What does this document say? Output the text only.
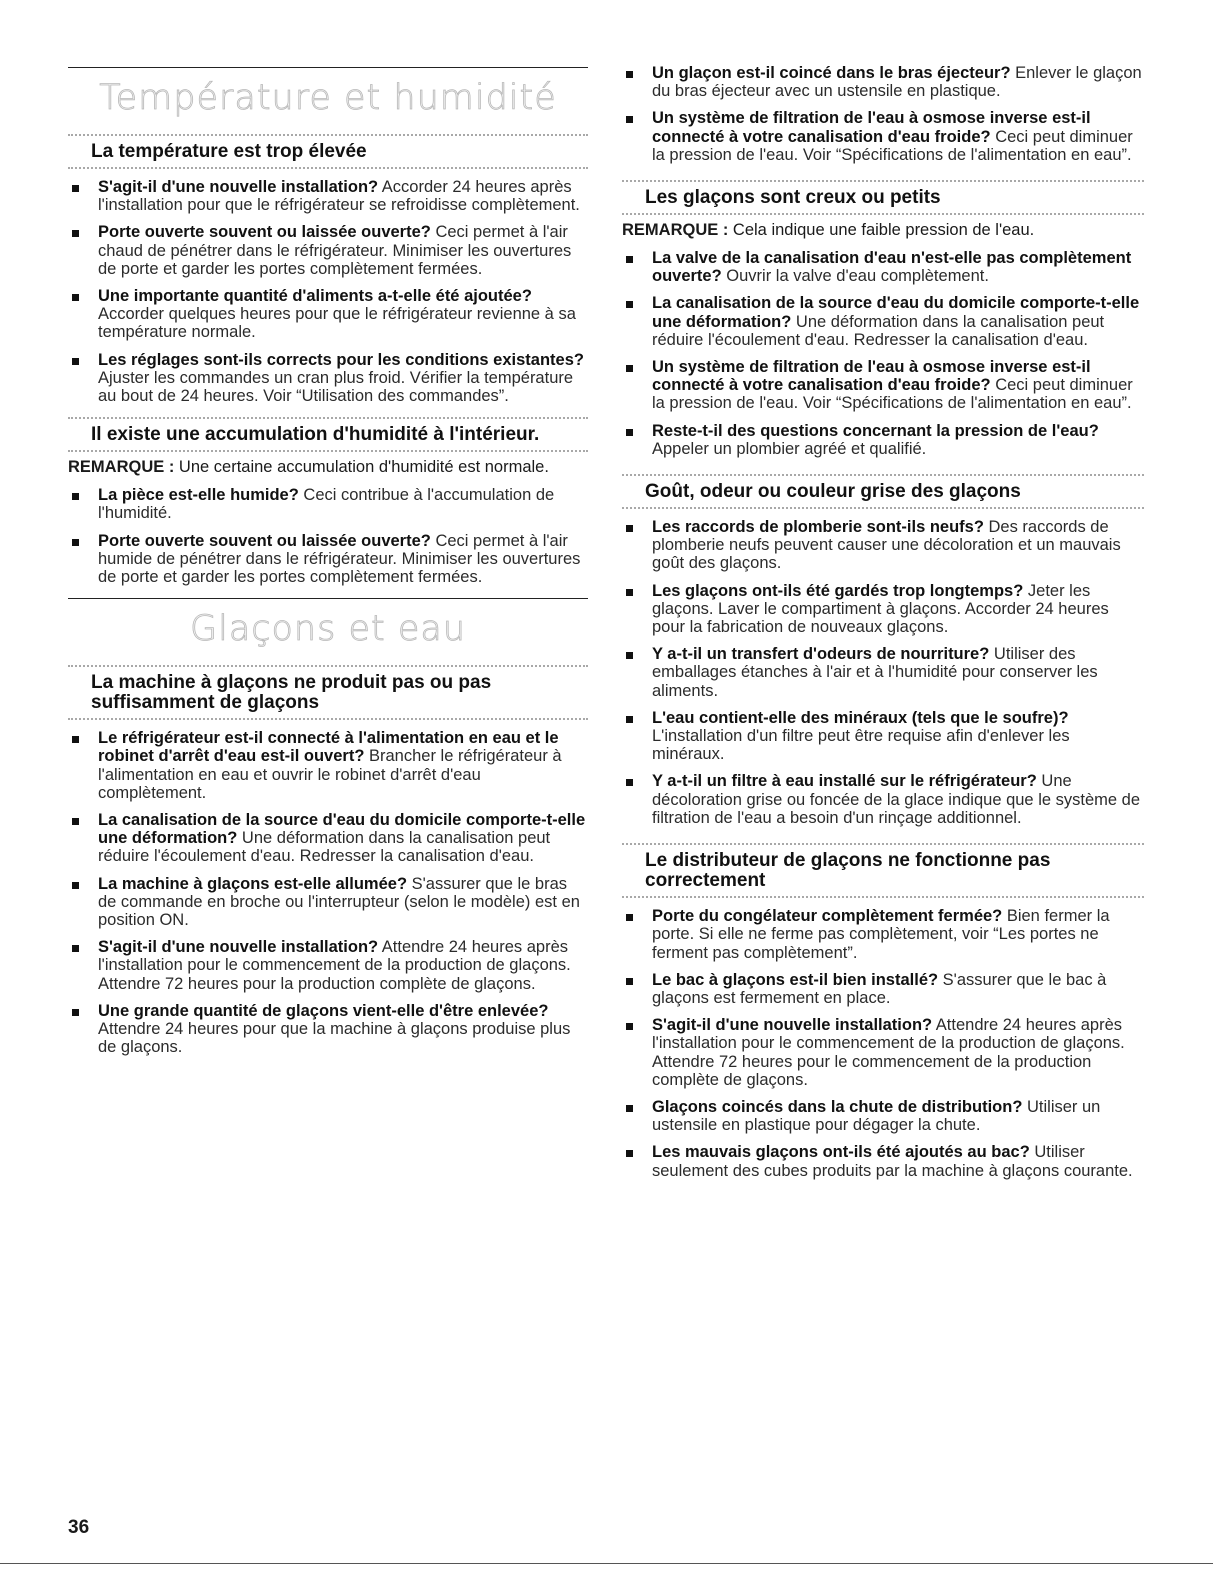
Température et humidité
La température est trop élevée
S'agit-il d'une nouvelle installation? Accorder 24 heures après l'installation pour que le réfrigérateur se refroidisse complètement.
Porte ouverte souvent ou laissée ouverte? Ceci permet à l'air chaud de pénétrer dans le réfrigérateur. Minimiser les ouvertures de porte et garder les portes complètement fermées.
Une importante quantité d'aliments a-t-elle été ajoutée? Accorder quelques heures pour que le réfrigérateur revienne à sa température normale.
Les réglages sont-ils corrects pour les conditions existantes? Ajuster les commandes un cran plus froid. Vérifier la température au bout de 24 heures. Voir “Utilisation des commandes”.
Il existe une accumulation d'humidité à l'intérieur.
REMARQUE : Une certaine accumulation d'humidité est normale.
La pièce est-elle humide? Ceci contribue à l'accumulation de l'humidité.
Porte ouverte souvent ou laissée ouverte? Ceci permet à l'air humide de pénétrer dans le réfrigérateur. Minimiser les ouvertures de porte et garder les portes complètement fermées.
Glaçons et eau
La machine à glaçons ne produit pas ou pas suffisamment de glaçons
Le réfrigérateur est-il connecté à l'alimentation en eau et le robinet d'arrêt d'eau est-il ouvert? Brancher le réfrigérateur à l'alimentation en eau et ouvrir le robinet d'arrêt d'eau complètement.
La canalisation de la source d'eau du domicile comporte-t-elle une déformation? Une déformation dans la canalisation peut réduire l'écoulement d'eau. Redresser la canalisation d'eau.
La machine à glaçons est-elle allumée? S'assurer que le bras de commande en broche ou l'interrupteur (selon le modèle) est en position ON.
S'agit-il d'une nouvelle installation? Attendre 24 heures après l'installation pour le commencement de la production de glaçons. Attendre 72 heures pour la production complète de glaçons.
Une grande quantité de glaçons vient-elle d'être enlevée? Attendre 24 heures pour que la machine à glaçons produise plus de glaçons.
Un glaçon est-il coincé dans le bras éjecteur? Enlever le glaçon du bras éjecteur avec un ustensile en plastique.
Un système de filtration de l'eau à osmose inverse est-il connecté à votre canalisation d'eau froide? Ceci peut diminuer la pression de l'eau. Voir “Spécifications de l'alimentation en eau”.
Les glaçons sont creux ou petits
REMARQUE : Cela indique une faible pression de l'eau.
La valve de la canalisation d'eau n'est-elle pas complètement ouverte? Ouvrir la valve d'eau complètement.
La canalisation de la source d'eau du domicile comporte-t-elle une déformation? Une déformation dans la canalisation peut réduire l'écoulement d'eau. Redresser la canalisation d'eau.
Un système de filtration de l'eau à osmose inverse est-il connecté à votre canalisation d'eau froide? Ceci peut diminuer la pression de l'eau. Voir “Spécifications de l'alimentation en eau”.
Reste-t-il des questions concernant la pression de l'eau? Appeler un plombier agréé et qualifié.
Goût, odeur ou couleur grise des glaçons
Les raccords de plomberie sont-ils neufs? Des raccords de plomberie neufs peuvent causer une décoloration et un mauvais goût des glaçons.
Les glaçons ont-ils été gardés trop longtemps? Jeter les glaçons. Laver le compartiment à glaçons. Accorder 24 heures pour la fabrication de nouveaux glaçons.
Y a-t-il un transfert d'odeurs de nourriture? Utiliser des emballages étanches à l'air et à l'humidité pour conserver les aliments.
L'eau contient-elle des minéraux (tels que le soufre)? L'installation d'un filtre peut être requise afin d'enlever les minéraux.
Y a-t-il un filtre à eau installé sur le réfrigérateur? Une décoloration grise ou foncée de la glace indique que le système de filtration de l'eau a besoin d'un rinçage additionnel.
Le distributeur de glaçons ne fonctionne pas correctement
Porte du congélateur complètement fermée? Bien fermer la porte. Si elle ne ferme pas complètement, voir “Les portes ne ferment pas complètement”.
Le bac à glaçons est-il bien installé? S'assurer que le bac à glaçons est fermement en place.
S'agit-il d'une nouvelle installation? Attendre 24 heures après l'installation pour le commencement de la production de glaçons. Attendre 72 heures pour le commencement de la production complète de glaçons.
Glaçons coincés dans la chute de distribution? Utiliser un ustensile en plastique pour dégager la chute.
Les mauvais glaçons ont-ils été ajoutés au bac? Utiliser seulement des cubes produits par la machine à glaçons courante.
36
